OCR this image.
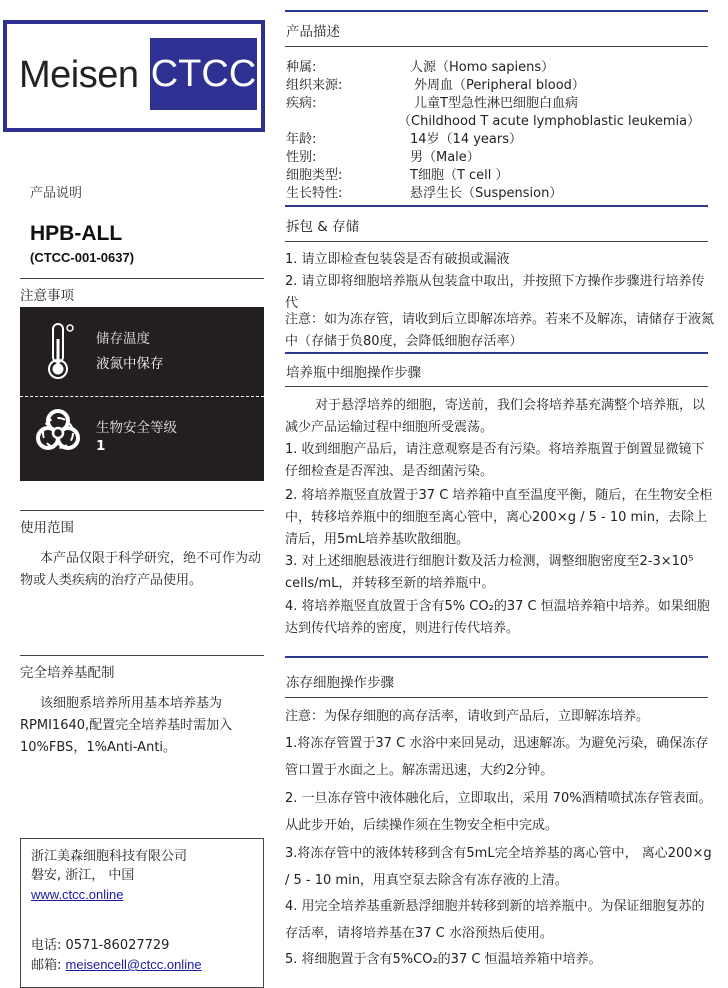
Meisen CTCC
产品说明
HPB-ALL
(CTCC-001-0637)
注意事项
储存温度
液氮中保存
生物安全等级
1
使用范围
本产品仅限于科学研究，绝不可作为动物或人类疾病的治疗产品使用。
完全培养基配制
该细胞系培养所用基本培养基为RPMI1640,配置完全培养基时需加入10%FBS，1%Anti-Anti。
浙江美森细胞科技有限公司
磐安, 浙江， 中国
www.ctcc.online
电话: 0571-86027729
邮箱: meisencell@ctcc.online
产品描述
种属:	人源（Homo sapiens）
组织来源:	外周血（Peripheral blood）
疾病:	儿童T型急性淋巴细胞白血病
（Childhood T acute lymphoblastic leukemia）
年龄:	14岁（14 years）
性别:	男（Male）
细胞类型:	T细胞（T cell ）
生长特性:	悬浮生长（Suspension）
拆包 & 存储
1. 请立即检查包装袋是否有破损或漏液
2. 请立即将细胞培养瓶从包装盒中取出，并按照下方操作步骤进行培养传代
注意：如为冻存管，请收到后立即解冻培养。若来不及解冻，请储存于液氮中（存储于负80度，会降低细胞存活率）
培养瓶中细胞操作步骤
对于悬浮培养的细胞，寄送前，我们会将培养基充满整个培养瓶，以减少产品运输过程中细胞所受震荡。
1. 收到细胞产品后，请注意观察是否有污染。将培养瓶置于倒置显微镜下仔细检查是否浑浊、是否细菌污染。
2. 将培养瓶竖直放置于37 C 培养箱中直至温度平衡，随后，在生物安全柜中，转移培养瓶中的细胞至离心管中，离心200×g / 5 - 10 min，去除上清后，用5mL培养基吹散细胞。
3. 对上述细胞悬液进行细胞计数及活力检测，调整细胞密度至2-3×10⁵ cells/mL，并转移至新的培养瓶中。
4. 将培养瓶竖直放置于含有5% CO₂的37 C 恒温培养箱中培养。如果细胞达到传代培养的密度，则进行传代培养。
冻存细胞操作步骤
注意：为保存细胞的高存活率，请收到产品后，立即解冻培养。
1.将冻存管置于37 C 水浴中来回晃动，迅速解冻。为避免污染，确保冻存管口置于水面之上。解冻需迅速，大约2分钟。
2. 一旦冻存管中液体融化后，立即取出，采用 70%酒精喷拭冻存管表面。从此步开始，后续操作须在生物安全柜中完成。
3.将冻存管中的液体转移到含有5mL完全培养基的离心管中， 离心200×g / 5 - 10 min，用真空泵去除含有冻存液的上清。
4. 用完全培养基重新悬浮细胞并转移到新的培养瓶中。为保证细胞复苏的存活率，请将培养基在37 C 水浴预热后使用。
5. 将细胞置于含有5%CO₂的37 C 恒温培养箱中培养。
